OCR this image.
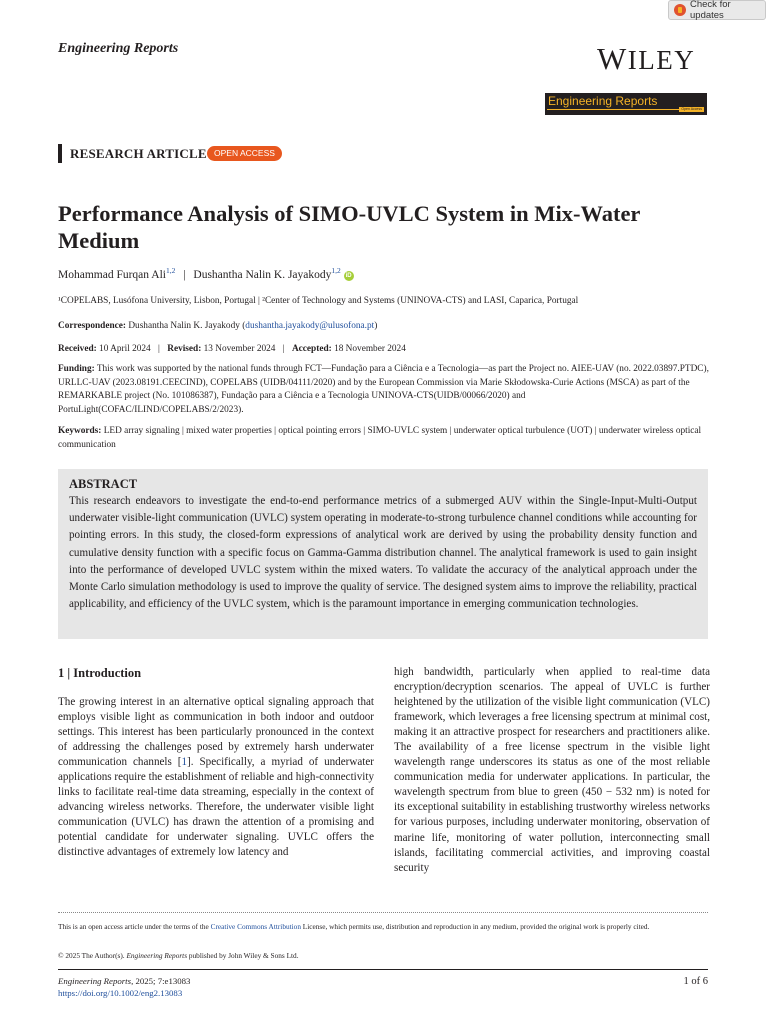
Check for updates
Engineering Reports	WILEY
Engineering Reports
Open Access
RESEARCH ARTICLE OPEN ACCESS
Performance Analysis of SIMO-UVLC System in Mix-Water Medium
Mohammad Furqan Ali$^{1,2}$ | Dushantha Nalin K. Jayakody$^{1,2}$ iD
¹COPELABS, Lusófona University, Lisbon, Portugal | ²Center of Technology and Systems (UNINOVA-CTS) and LASI, Caparica, Portugal
Correspondence: Dushantha Nalin K. Jayakody (dushantha.jayakody@ulusofona.pt)
Received: 10 April 2024 | Revised: 13 November 2024 | Accepted: 18 November 2024
Funding: This work was supported by the national funds through FCT—Fundação para a Ciência e a Tecnologia—as part the Project no. AIEE-UAV (no. 2022.03897.PTDC), URLLC-UAV (2023.08191.CEECIND), COPELABS (UIDB/04111/2020) and by the European Commission via Marie Skłodowska-Curie Actions (MSCA) as part of the REMARKABLE project (No. 101086387), Fundação para a Ciência e a Tecnologia UNINOVA-CTS(UIDB/00066/2020) and PortuLight(COFAC/ILIND/COPELABS/2/2023).
Keywords: LED array signaling | mixed water properties | optical pointing errors | SIMO-UVLC system | underwater optical turbulence (UOT) | underwater wireless optical communication
ABSTRACT
This research endeavors to investigate the end-to-end performance metrics of a submerged AUV within the Single-Input-Multi-Output underwater visible-light communication (UVLC) system operating in moderate-to-strong turbulence channel conditions while accounting for pointing errors. In this study, the closed-form expressions of analytical work are derived by using the probability density function and cumulative density function with a specific focus on Gamma-Gamma distribution channel. The analytical framework is used to gain insight into the performance of developed UVLC system within the mixed waters. To validate the accuracy of the analytical approach under the Monte Carlo simulation methodology is used to improve the quality of service. The designed system aims to improve the reliability, practical applicability, and efficiency of the UVLC system, which is the paramount importance in emerging communication technologies.
1 | Introduction
The growing interest in an alternative optical signaling approach that employs visible light as communication in both indoor and outdoor settings. This interest has been particularly pronounced in the context of addressing the challenges posed by extremely harsh underwater communication channels [1]. Specifically, a myriad of underwater applications require the establishment of reliable and high-connectivity links to facilitate real-time data streaming, especially in the context of advancing wireless networks. Therefore, the underwater visible light communication (UVLC) has drawn the attention of a promising and potential candidate for underwater signaling. UVLC offers the distinctive advantages of extremely low latency and
high bandwidth, particularly when applied to real-time data encryption/decryption scenarios. The appeal of UVLC is further heightened by the utilization of the visible light communication (VLC) framework, which leverages a free licensing spectrum at minimal cost, making it an attractive prospect for researchers and practitioners alike. The availability of a free license spectrum in the visible light wavelength range underscores its status as one of the most reliable communication media for underwater applications. In particular, the wavelength spectrum from blue to green (450 − 532 nm) is noted for its exceptional suitability in establishing trustworthy wireless networks for various purposes, including underwater monitoring, observation of marine life, monitoring of water pollution, interconnecting small islands, facilitating commercial activities, and improving coastal security
This is an open access article under the terms of the Creative Commons Attribution License, which permits use, distribution and reproduction in any medium, provided the original work is properly cited.
© 2025 The Author(s). Engineering Reports published by John Wiley & Sons Ltd.
Engineering Reports, 2025; 7:e13083
https://doi.org/10.1002/eng2.13083
1 of 6
